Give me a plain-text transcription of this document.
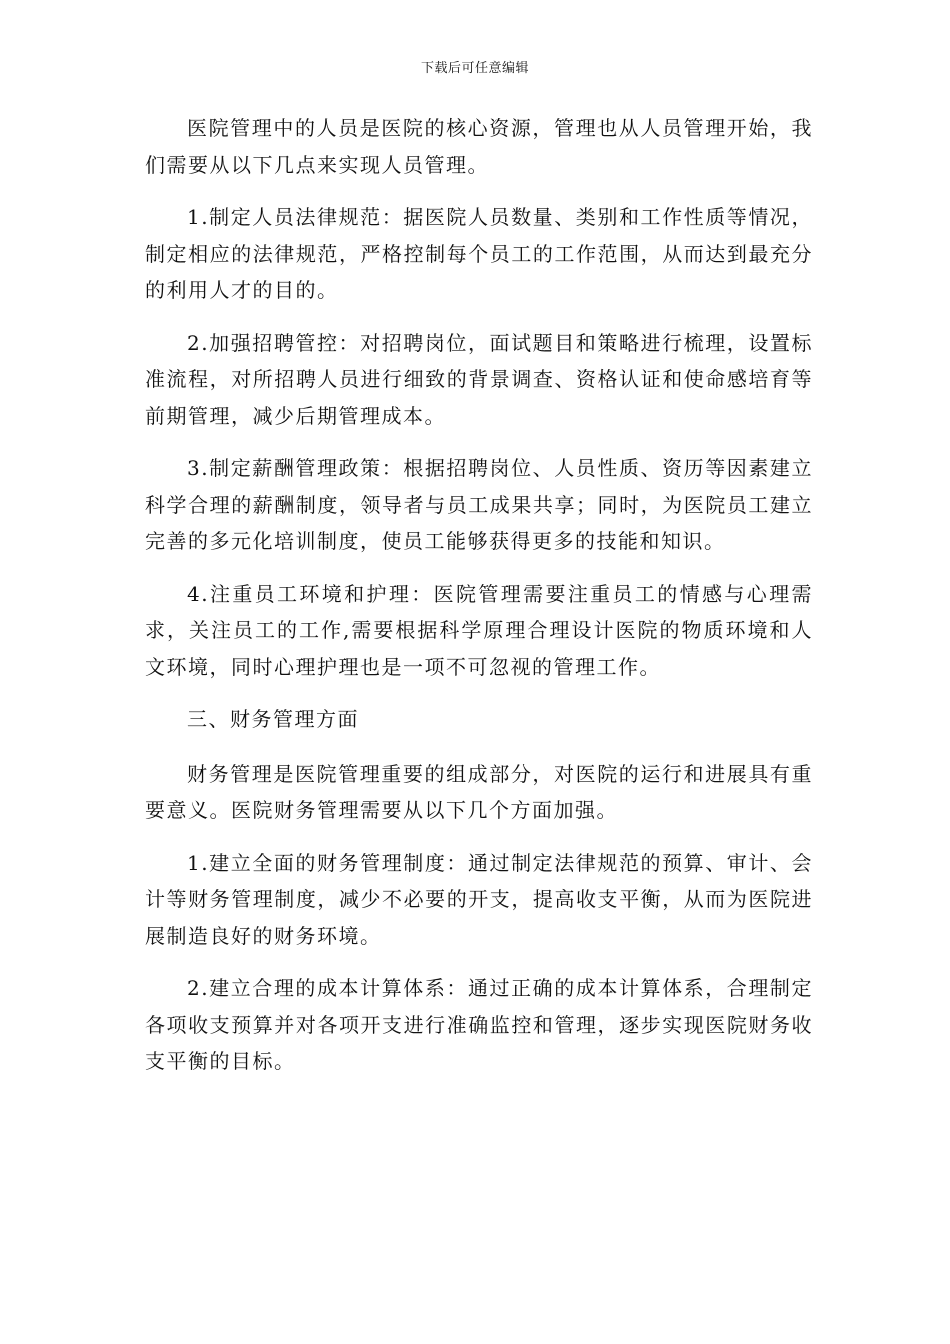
下载后可任意编辑

医院管理中的人员是医院的核心资源，管理也从人员管理开始，我们需要从以下几点来实现人员管理。

1.制定人员法律规范：据医院人员数量、类别和工作性质等情况，制定相应的法律规范，严格控制每个员工的工作范围，从而达到最充分的利用人才的目的。

2.加强招聘管控：对招聘岗位，面试题目和策略进行梳理，设置标准流程，对所招聘人员进行细致的背景调查、资格认证和使命感培育等前期管理，减少后期管理成本。

3.制定薪酬管理政策：根据招聘岗位、人员性质、资历等因素建立科学合理的薪酬制度，领导者与员工成果共享；同时，为医院员工建立完善的多元化培训制度，使员工能够获得更多的技能和知识。

4.注重员工环境和护理：医院管理需要注重员工的情感与心理需求，关注员工的工作,需要根据科学原理合理设计医院的物质环境和人文环境，同时心理护理也是一项不可忽视的管理工作。

三、财务管理方面

财务管理是医院管理重要的组成部分，对医院的运行和进展具有重要意义。医院财务管理需要从以下几个方面加强。

1.建立全面的财务管理制度：通过制定法律规范的预算、审计、会计等财务管理制度，减少不必要的开支，提高收支平衡，从而为医院进展制造良好的财务环境。

2.建立合理的成本计算体系：通过正确的成本计算体系，合理制定各项收支预算并对各项开支进行准确监控和管理，逐步实现医院财务收支平衡的目标。
